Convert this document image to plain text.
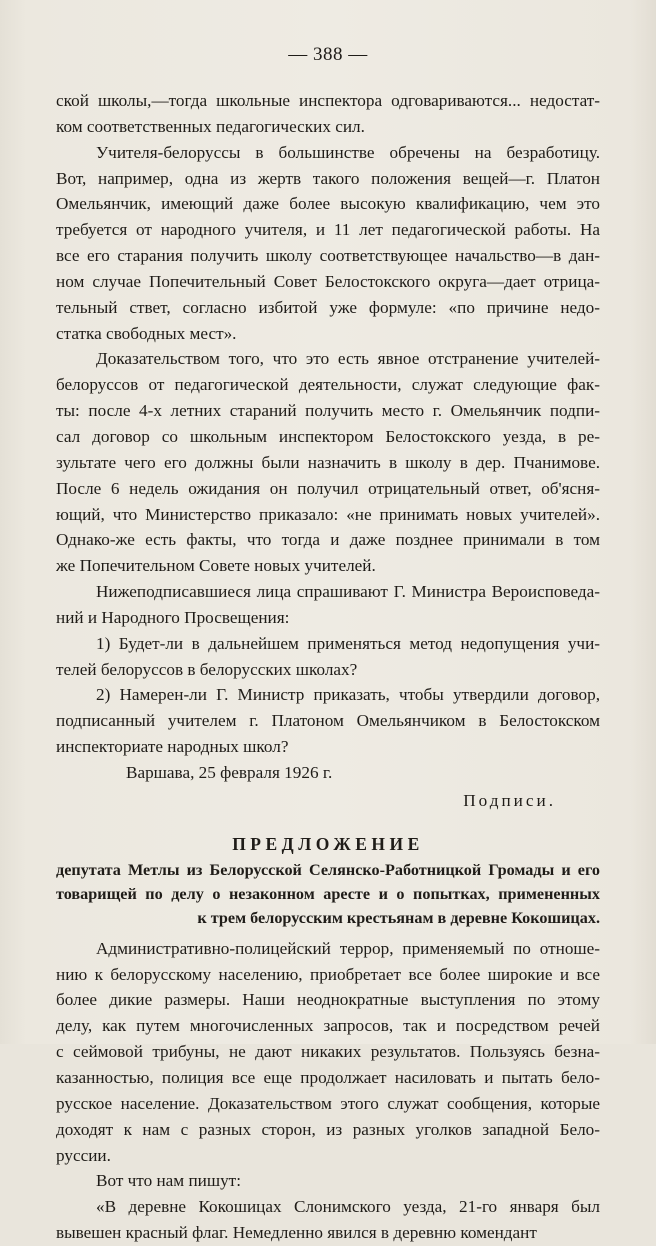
— 388 —
ской школы,—тогда школьные инспектора одговариваются... недостат-
ком соответственных педагогических сил.
Учителя-белоруссы в большинстве обречены на безработицу.
Вот, например, одна из жертв такого положения вещей—г. Платон
Омельянчик, имеющий даже более высокую квалификацию, чем это
требуется от народного учителя, и 11 лет педагогической работы. На
все его старания получить школу соответствующее начальство—в дан-
ном случае Попечительный Совет Белостокского округа—дает отрица-
тельный ствет, согласно избитой уже формуле: «по причине недо-
статка свободных мест».
Доказательством того, что это есть явное отстранение учителей-
белоруссов от педагогической деятельности, служат следующие фак-
ты: после 4-х летних стараний получить место г. Омельянчик подпи-
сал договор со школьным инспектором Белостокского уезда, в ре-
зультате чего его должны были назначить в школу в дер. Пчанимове.
После 6 недель ожидания он получил отрицательный ответ, об'ясня-
ющий, что Министерство приказало: «не принимать новых учителей».
Однако-же есть факты, что тогда и даже позднее принимали в том
же Попечительном Совете новых учителей.
Нижеподписавшиеся лица спрашивают Г. Министра Вероисповеда-
ний и Народного Просвещения:
1) Будет-ли в дальнейшем применяться метод недопущения учи-
телей белоруссов в белорусских школах?
2) Намерен-ли Г. Министр приказать, чтобы утвердили договор,
подписанный учителем г. Платоном Омельянчиком в Белостокском
инспекториате народных школ?
Варшава, 25 февраля 1926 г.
Подписи.
ПРЕДЛОЖЕНИЕ
депутата Метлы из Белорусской Селянско-Работницкой Громады и его
товарищей по делу о незаконном аресте и о попытках, примененных
к трем белорусским крестьянам в деревне Кокошицах.
Административно-полицейский террор, применяемый по отноше-
нию к белорусскому населению, приобретает все более широкие и все
более дикие размеры. Наши неоднократные выступления по этому
делу, как путем многочисленных запросов, так и посредством речей
с сеймовой трибуны, не дают никаких результатов. Пользуясь безна-
казанностью, полиция все еще продолжает насиловать и пытать бело-
русское население. Доказательством этого служат сообщения, которые
доходят к нам с разных сторон, из разных уголков западной Бело-
руссии.
Вот что нам пишут:
«В деревне Кокошицах Слонимского уезда, 21-го января был
вывешен красный флаг. Немедленно явился в деревню комендант
